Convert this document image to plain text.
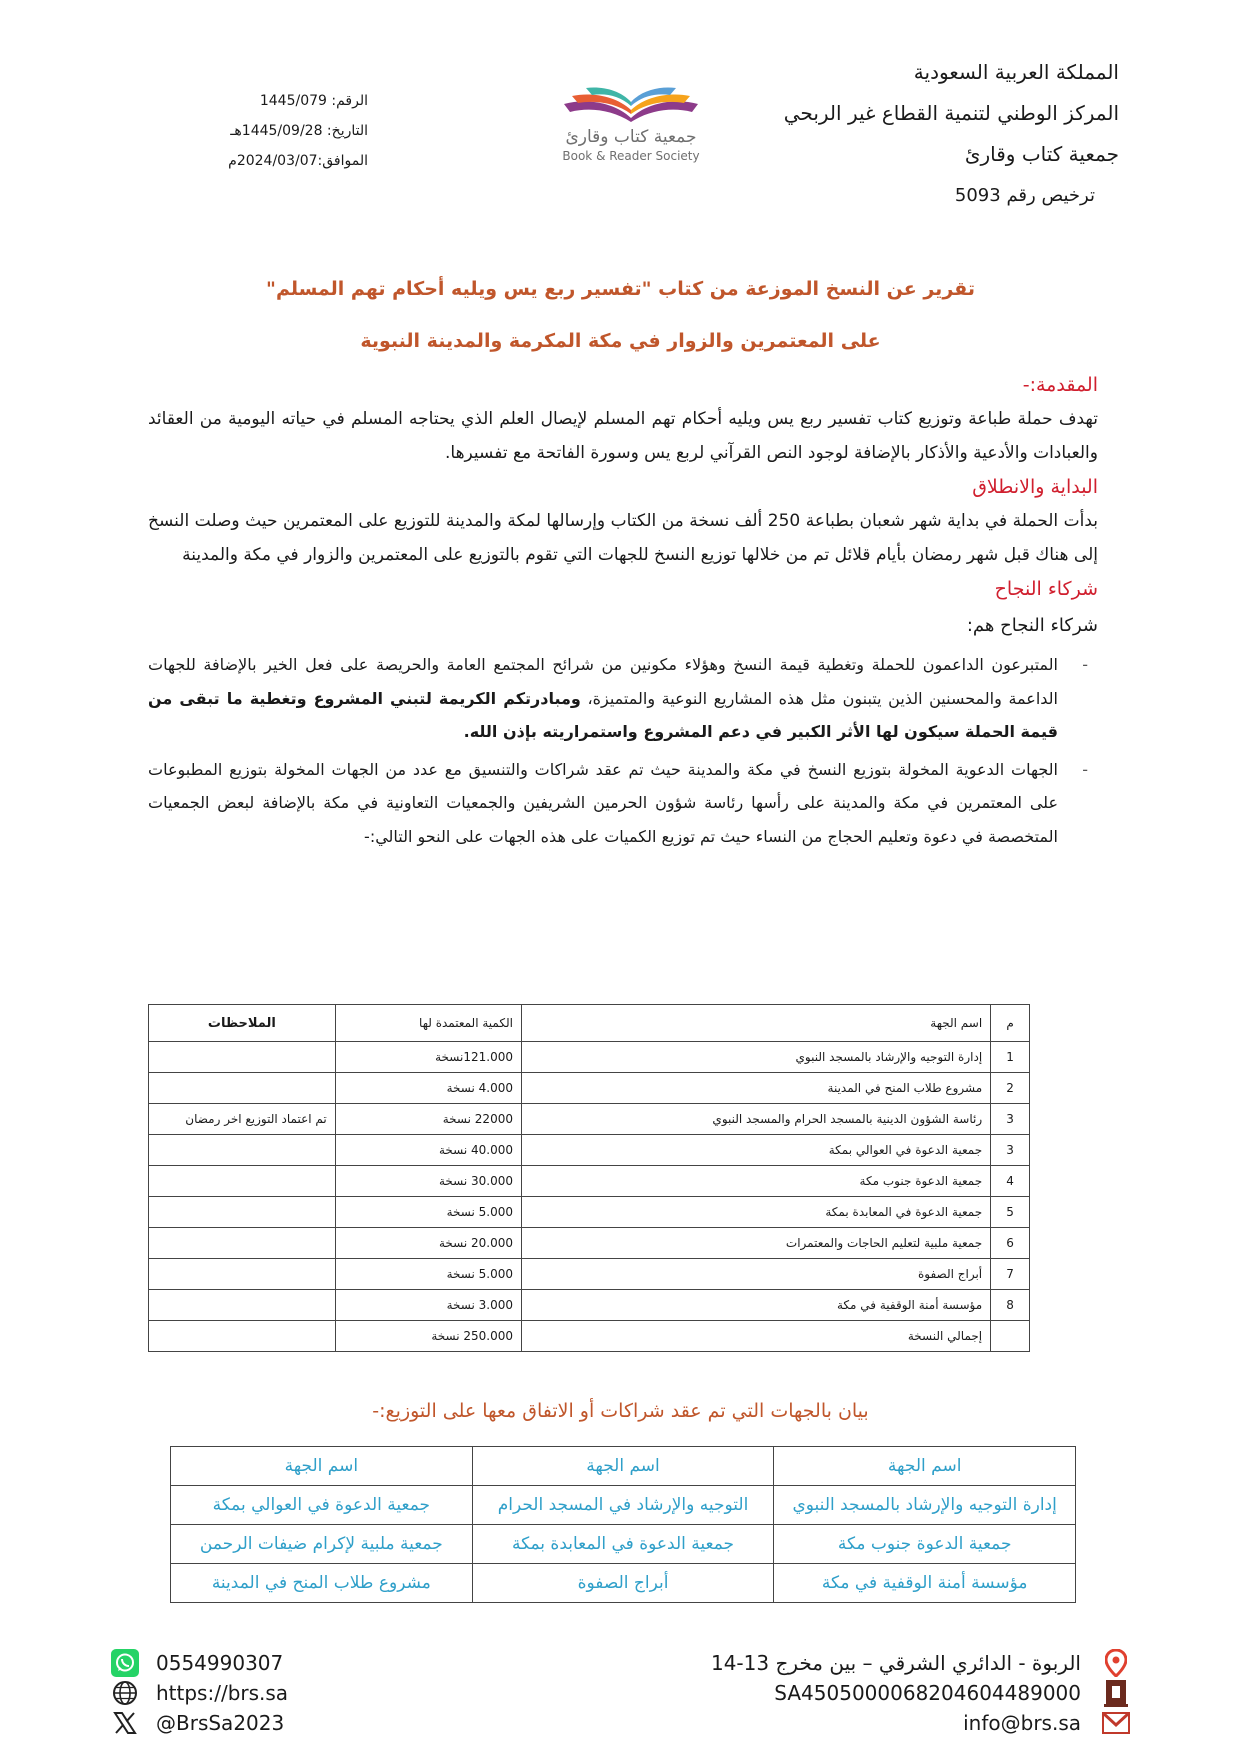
المملكة العربية السعودية
المركز الوطني لتنمية القطاع غير الربحي
جمعية كتاب وقارئ
ترخيص رقم 5093
جمعية كتاب وقارئ
Book & Reader Society
الرقم: 1445/079
التاريخ: 1445/09/28هـ
الموافق:2024/03/07م
تقرير عن النسخ الموزعة من كتاب "تفسير ربع يس ويليه أحكام تهم المسلم"
على المعتمرين والزوار في مكة المكرمة والمدينة النبوية
المقدمة:-

تهدف حملة طباعة وتوزيع كتاب تفسير ربع يس ويليه أحكام تهم المسلم لإيصال العلم الذي يحتاجه المسلم في حياته اليومية من العقائد والعبادات والأدعية والأذكار بالإضافة لوجود النص القرآني لربع يس وسورة الفاتحة مع تفسيرها.

البداية والانطلاق

بدأت الحملة في بداية شهر شعبان بطباعة 250 ألف نسخة من الكتاب وإرسالها لمكة والمدينة للتوزيع على المعتمرين حيث وصلت النسخ إلى هناك قبل شهر رمضان بأيام قلائل تم من خلالها توزيع النسخ للجهات التي تقوم بالتوزيع على المعتمرين والزوار في مكة والمدينة

شركاء النجاح

شركاء النجاح هم:

- المتبرعون الداعمون للحملة وتغطية قيمة النسخ وهؤلاء مكونين من شرائح المجتمع العامة والحريصة على فعل الخير بالإضافة للجهات الداعمة والمحسنين الذين يتبنون مثل هذه المشاريع النوعية والمتميزة، ومبادرتكم الكريمة لتبني المشروع وتغطية ما تبقى من قيمة الحملة سيكون لها الأثر الكبير في دعم المشروع واستمراريته بإذن الله.
- الجهات الدعوية المخولة بتوزيع النسخ في مكة والمدينة حيث تم عقد شراكات والتنسيق مع عدد من الجهات المخولة بتوزيع المطبوعات على المعتمرين في مكة والمدينة على رأسها رئاسة شؤون الحرمين الشريفين والجمعيات التعاونية في مكة بالإضافة لبعض الجمعيات المتخصصة في دعوة وتعليم الحجاج من النساء حيث تم توزيع الكميات على هذه الجهات على النحو التالي:-
م	اسم الجهة	الكمية المعتمدة لها	الملاحظات
1	إدارة التوجيه والإرشاد بالمسجد النبوي	121.000نسخة	
2	مشروع طلاب المنح في المدينة	4.000 نسخة	
3	رئاسة الشؤون الدينية بالمسجد الحرام والمسجد النبوي	22000 نسخة	تم اعتماد التوزيع اخر رمضان
3	جمعية الدعوة في العوالي بمكة	40.000 نسخة	
4	جمعية الدعوة جنوب مكة	30.000 نسخة	
5	جمعية الدعوة في المعابدة بمكة	5.000 نسخة	
6	جمعية ملبية لتعليم الحاجات والمعتمرات	20.000 نسخة	
7	أبراج الصفوة	5.000 نسخة	
8	مؤسسة أمنة الوقفية في مكة	3.000 نسخة	
	إجمالي النسخة	250.000 نسخة	
بيان بالجهات التي تم عقد شراكات أو الاتفاق معها على التوزيع:-
اسم الجهة	اسم الجهة	اسم الجهة
إدارة التوجيه والإرشاد بالمسجد النبوي	التوجيه والإرشاد في المسجد الحرام	جمعية الدعوة في العوالي بمكة
جمعية الدعوة جنوب مكة	جمعية الدعوة في المعابدة بمكة	جمعية ملبية لإكرام ضيفات الرحمن
مؤسسة أمنة الوقفية في مكة	أبراج الصفوة	مشروع طلاب المنح في المدينة
الربوة - الدائري الشرقي – بين مخرج 13-14
SA4505000068204604489000
info@brs.sa
0554990307
https://brs.sa
@BrsSa2023
